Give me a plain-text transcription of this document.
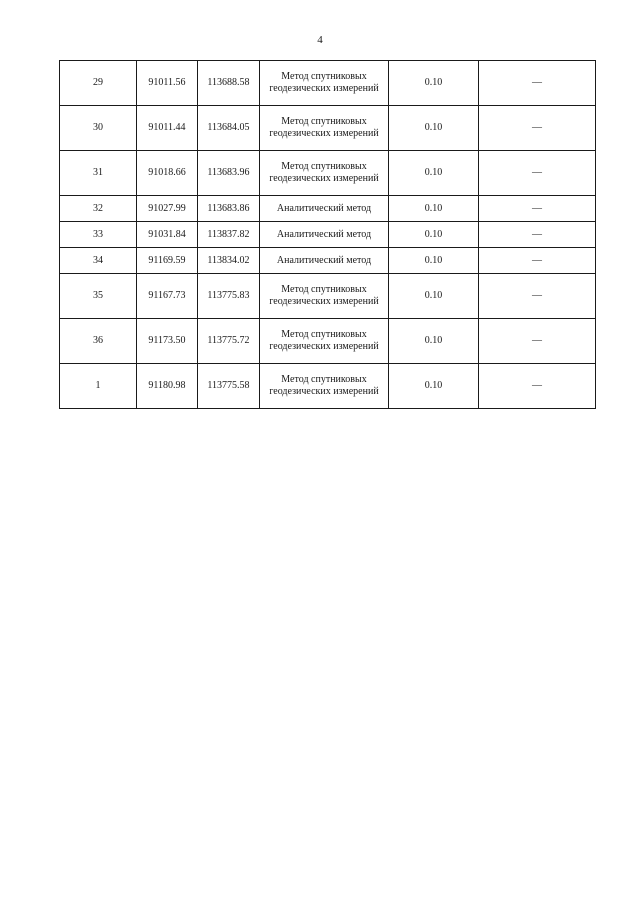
4
29	91011.56	113688.58	Метод спутниковых геодезических измерений	0.10	—
30	91011.44	113684.05	Метод спутниковых геодезических измерений	0.10	—
31	91018.66	113683.96	Метод спутниковых геодезических измерений	0.10	—
32	91027.99	113683.86	Аналитический метод	0.10	—
33	91031.84	113837.82	Аналитический метод	0.10	—
34	91169.59	113834.02	Аналитический метод	0.10	—
35	91167.73	113775.83	Метод спутниковых геодезических измерений	0.10	—
36	91173.50	113775.72	Метод спутниковых геодезических измерений	0.10	—
1	91180.98	113775.58	Метод спутниковых геодезических измерений	0.10	—
